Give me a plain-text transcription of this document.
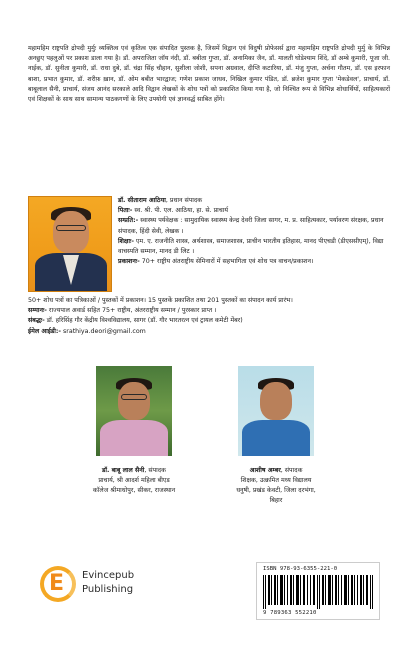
महामहिम राष्ट्रपति द्रोपदी मुर्मुः व्यक्तित्व एवं कृतित्व एक संपादित पुस्तक है, जिसमें विद्वान एवं विदुषी प्रोफेसर्स द्वारा महामहिम राष्ट्रपति द्रोपदी मुर्मु के विभिन्न अनछुए पहलुओं पर प्रकाश डाला गया है। डॉ. अपराजिता जॉय नंदी, डॉ. बबीता गुप्ता, डॉ. अनामिका जैन, डॉ. मालती घोडेश्याम शिंदे, डॉ अम्बे कुमारी, पूजा जी. नाईक, डॉ. सुनीता कुमारी, डॉ. राधा दुबे, डॉ. चंद्रा सिंह चौहान, सुशीला जोशी, सपना अग्रवाल, दीप्ति कटारिया, डॉ. मंजु गुप्ता, अर्चना गौतम, डॉ. एस इरफान बाशा, प्रभात कुमार, डॉ. शरीफ़ ख़ान, डॉ. ओम बबीत भारद्वाज; गणेश प्रकाश जाधव, निखिल कुमार पंडित, डॉ. ब्रजेश कुमार गुप्ता 'मेकडेवल', प्राचार्य, डॉ. बाबूलाल सैनी, प्राचार्य, संजय आनंद सरकाले आदि विद्वान लेखकों के शोध पत्रों को प्रकाशित किया गया है, जो निश्चित रूप से विभिन्न शोधार्थियों, साहित्यकारों एवं शिक्षकों के साथ साथ सामान्य पाठकगणों के लिए उपयोगी एवं ज्ञानवर्द्ध साबित होंगे।

डॉ. सीताराम आठिया, प्रधान संपादक
पिताः- स्व. श्री. पी. एल. आठिया, हा. से. प्राचार्य
सम्प्रति:- स्वास्थ्य पर्यवेक्षक : सामुदायिक स्वास्थ्य केन्द्र देवरी जिला सागर, म. प्र. साहित्यकार, पर्यावरण संरक्षक, प्रधान संपादक, हिंदी सेवी, लेखक ।
शिक्षाः- एम. ए. राजनीति शास्त्र, अर्थशास्त्र, समाजशास्त्र, प्राचीन भारतीय इतिहास, मानद पीएचडी (डीएससीएम्), विद्या वाचस्पति सम्मान, मानद डी लिट ।
प्रकाशनः- 70+ राष्ट्रीय अंतराष्ट्रीय सेमिनारों में सहभागिता एवं शोध पत्र वाचन/प्रकाशन।
50+ शोध पत्रों का पत्रिकाओं / पुस्तकों में प्रकाशन। 15 पुस्तकें प्रकाशित तथा 201 पुस्तकों का संपादन कार्य प्रारंभ।
सम्मानः- राज्यपाल अवार्ड सहित 75+ राष्ट्रीय, अंतरराष्ट्रीय सम्मान / पुरस्कार प्राप्त ।
संबद्धः- डॉ. हरिसिंह गौर केंद्रीय विश्वविद्यालय, सागर (डॉ. गौर भारतरत्न एवं ट्रायल कमेटी मेंबर)
ईमेल आईडी:- srathiya.deori@gmail.com
डॉ. बाबू लाल सैनी, संपादक
प्राचार्य, श्री आदर्श महिला बीएड
कॉलेज श्रीमाधोपुर, सीकर, राजस्थान
आशीष अम्बर, संपादक
शिक्षक, उत्क्रमित मध्य विद्यालय
धनुषी, प्रखंड केवटी, जिला दरभंगा,
बिहार
E Evincepub
Publishing
ISBN 978-93-6355-221-0
9 789363 552210
